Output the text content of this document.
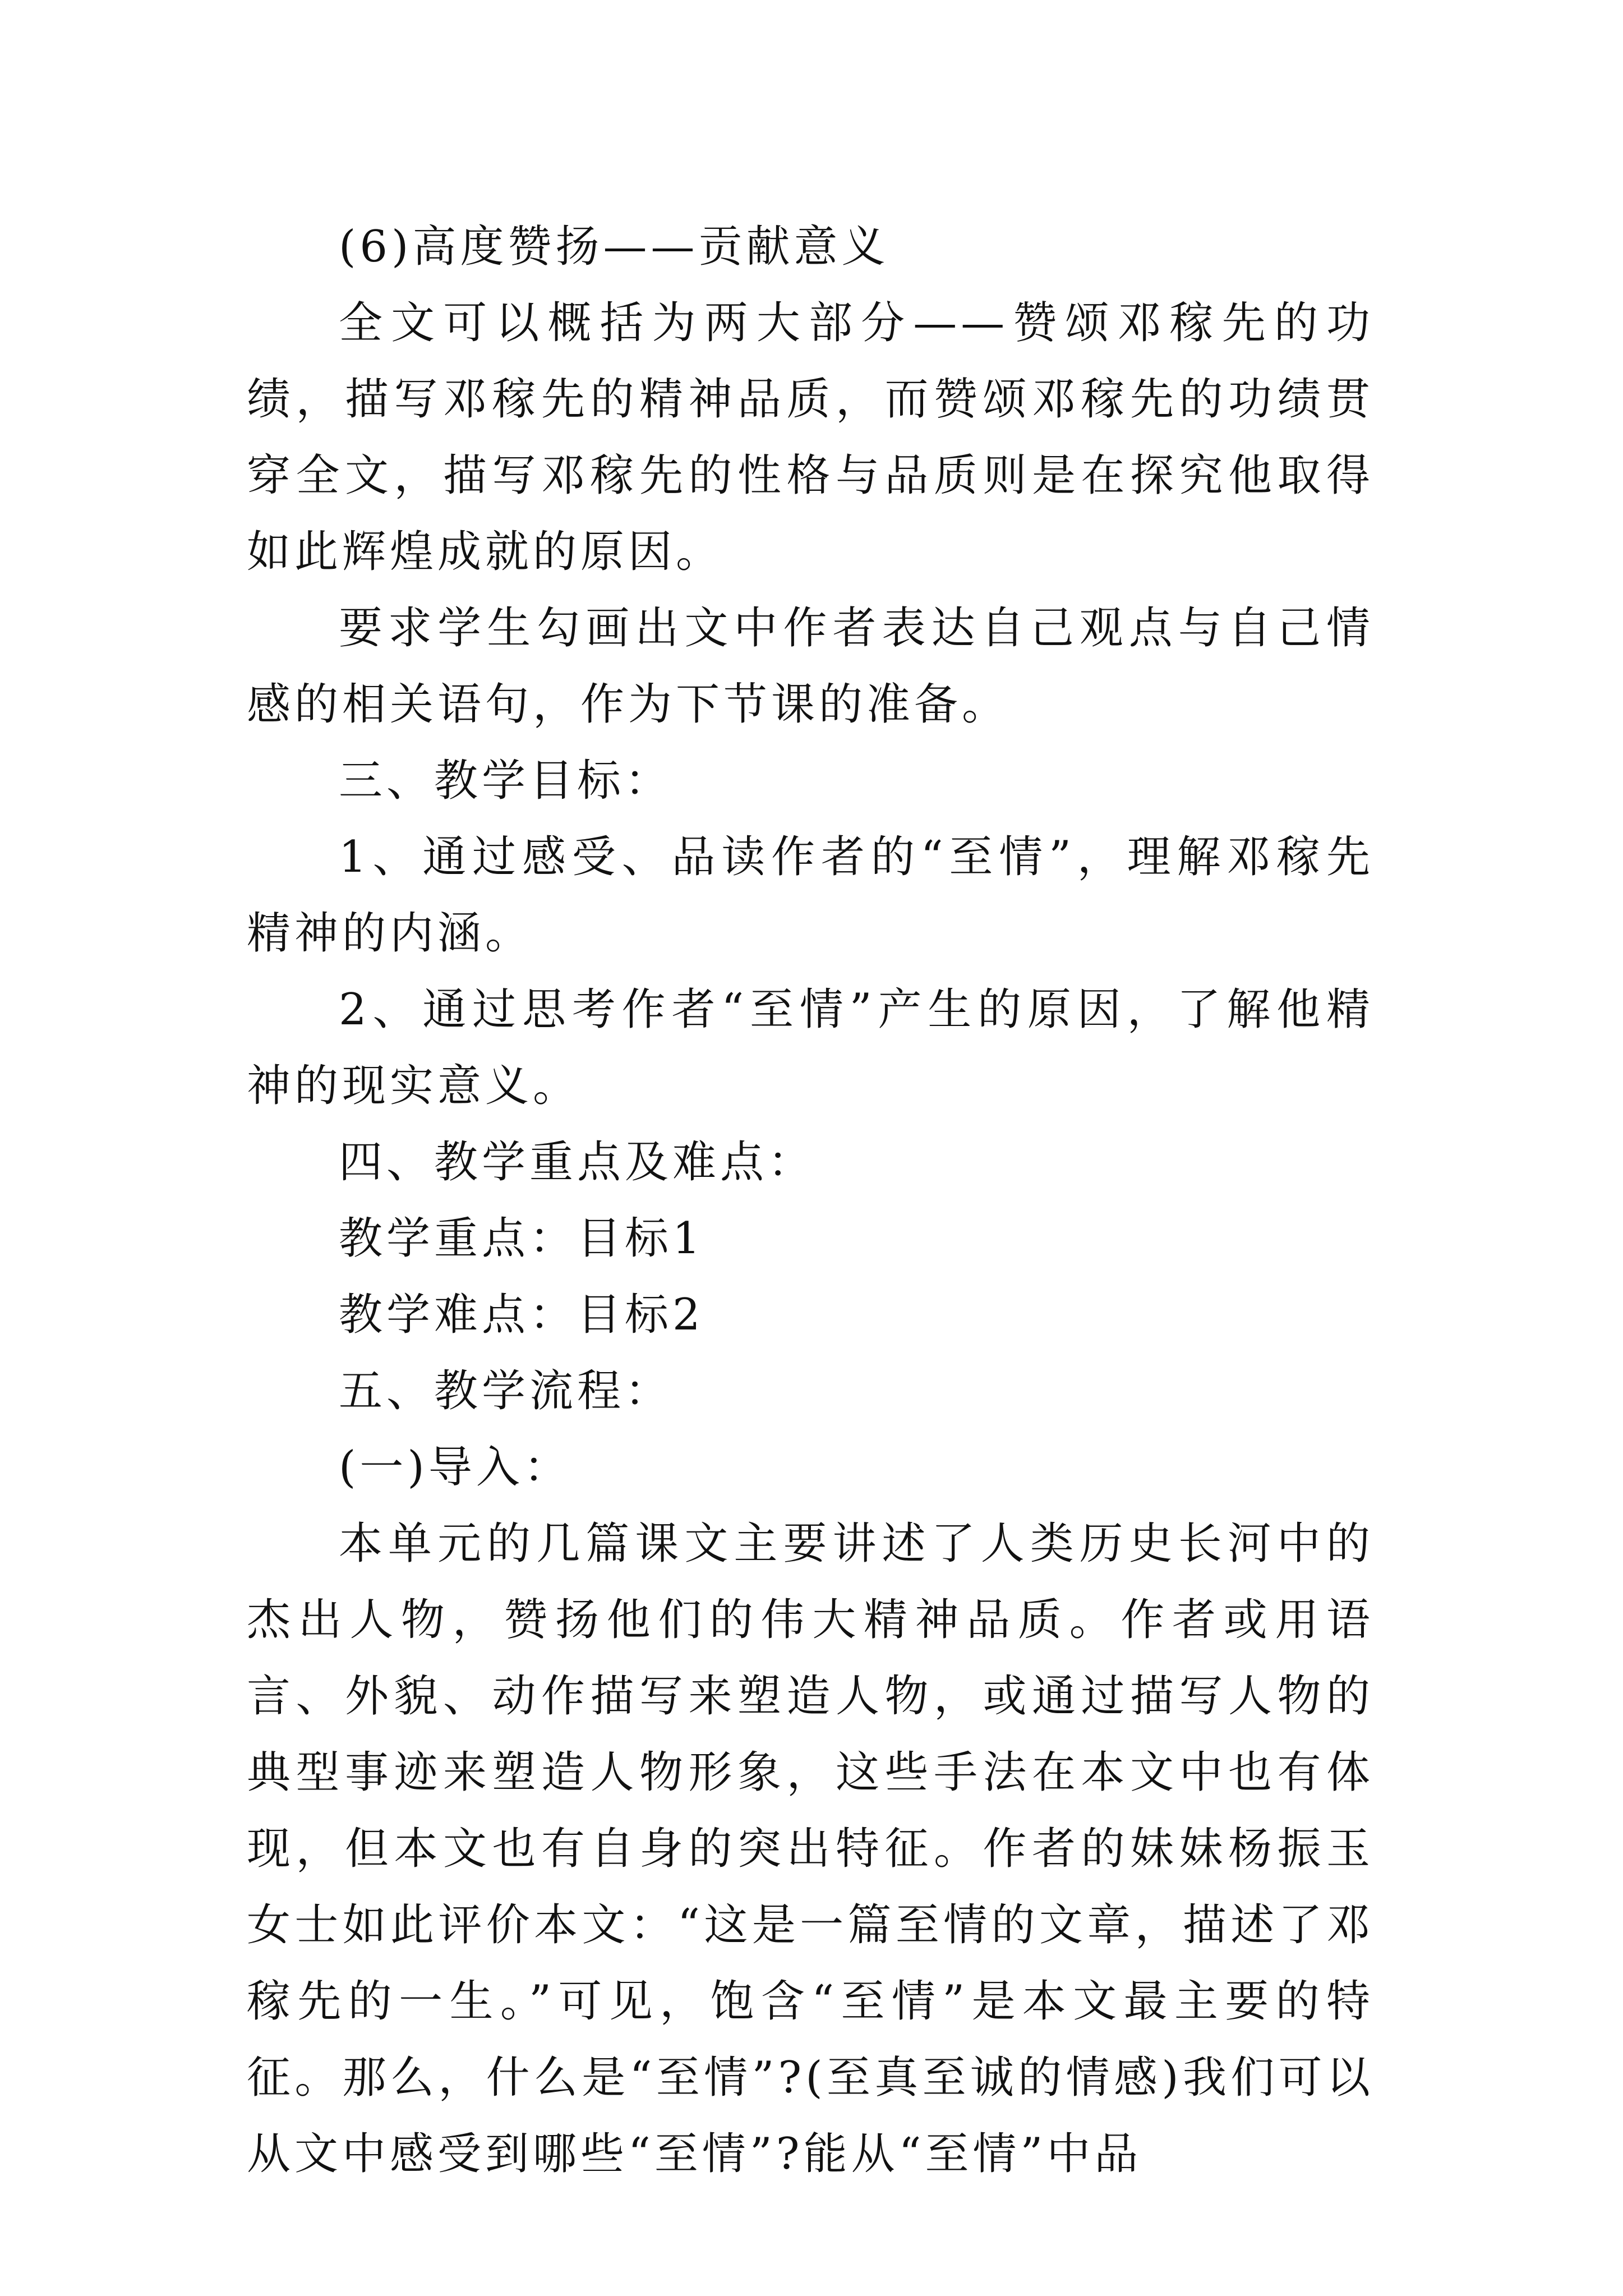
(6)高度赞扬——贡献意义

全文可以概括为两大部分——赞颂邓稼先的功绩，描写邓稼先的精神品质，而赞颂邓稼先的功绩贯穿全文，描写邓稼先的性格与品质则是在探究他取得如此辉煌成就的原因。

要求学生勾画出文中作者表达自己观点与自己情感的相关语句，作为下节课的准备。

三、教学目标：

1、通过感受、品读作者的“至情”，理解邓稼先精神的内涵。

2、通过思考作者“至情”产生的原因，了解他精神的现实意义。

四、教学重点及难点：

教学重点：目标1

教学难点：目标2

五、教学流程：

(一)导入：

本单元的几篇课文主要讲述了人类历史长河中的杰出人物，赞扬他们的伟大精神品质。作者或用语言、外貌、动作描写来塑造人物，或通过描写人物的典型事迹来塑造人物形象，这些手法在本文中也有体现，但本文也有自身的突出特征。作者的妹妹杨振玉女士如此评价本文：“这是一篇至情的文章，描述了邓稼先的一生。”可见，饱含“至情”是本文最主要的特征。那么，什么是“至情”?(至真至诚的情感)我们可以从文中感受到哪些“至情”?能从“至情”中品
